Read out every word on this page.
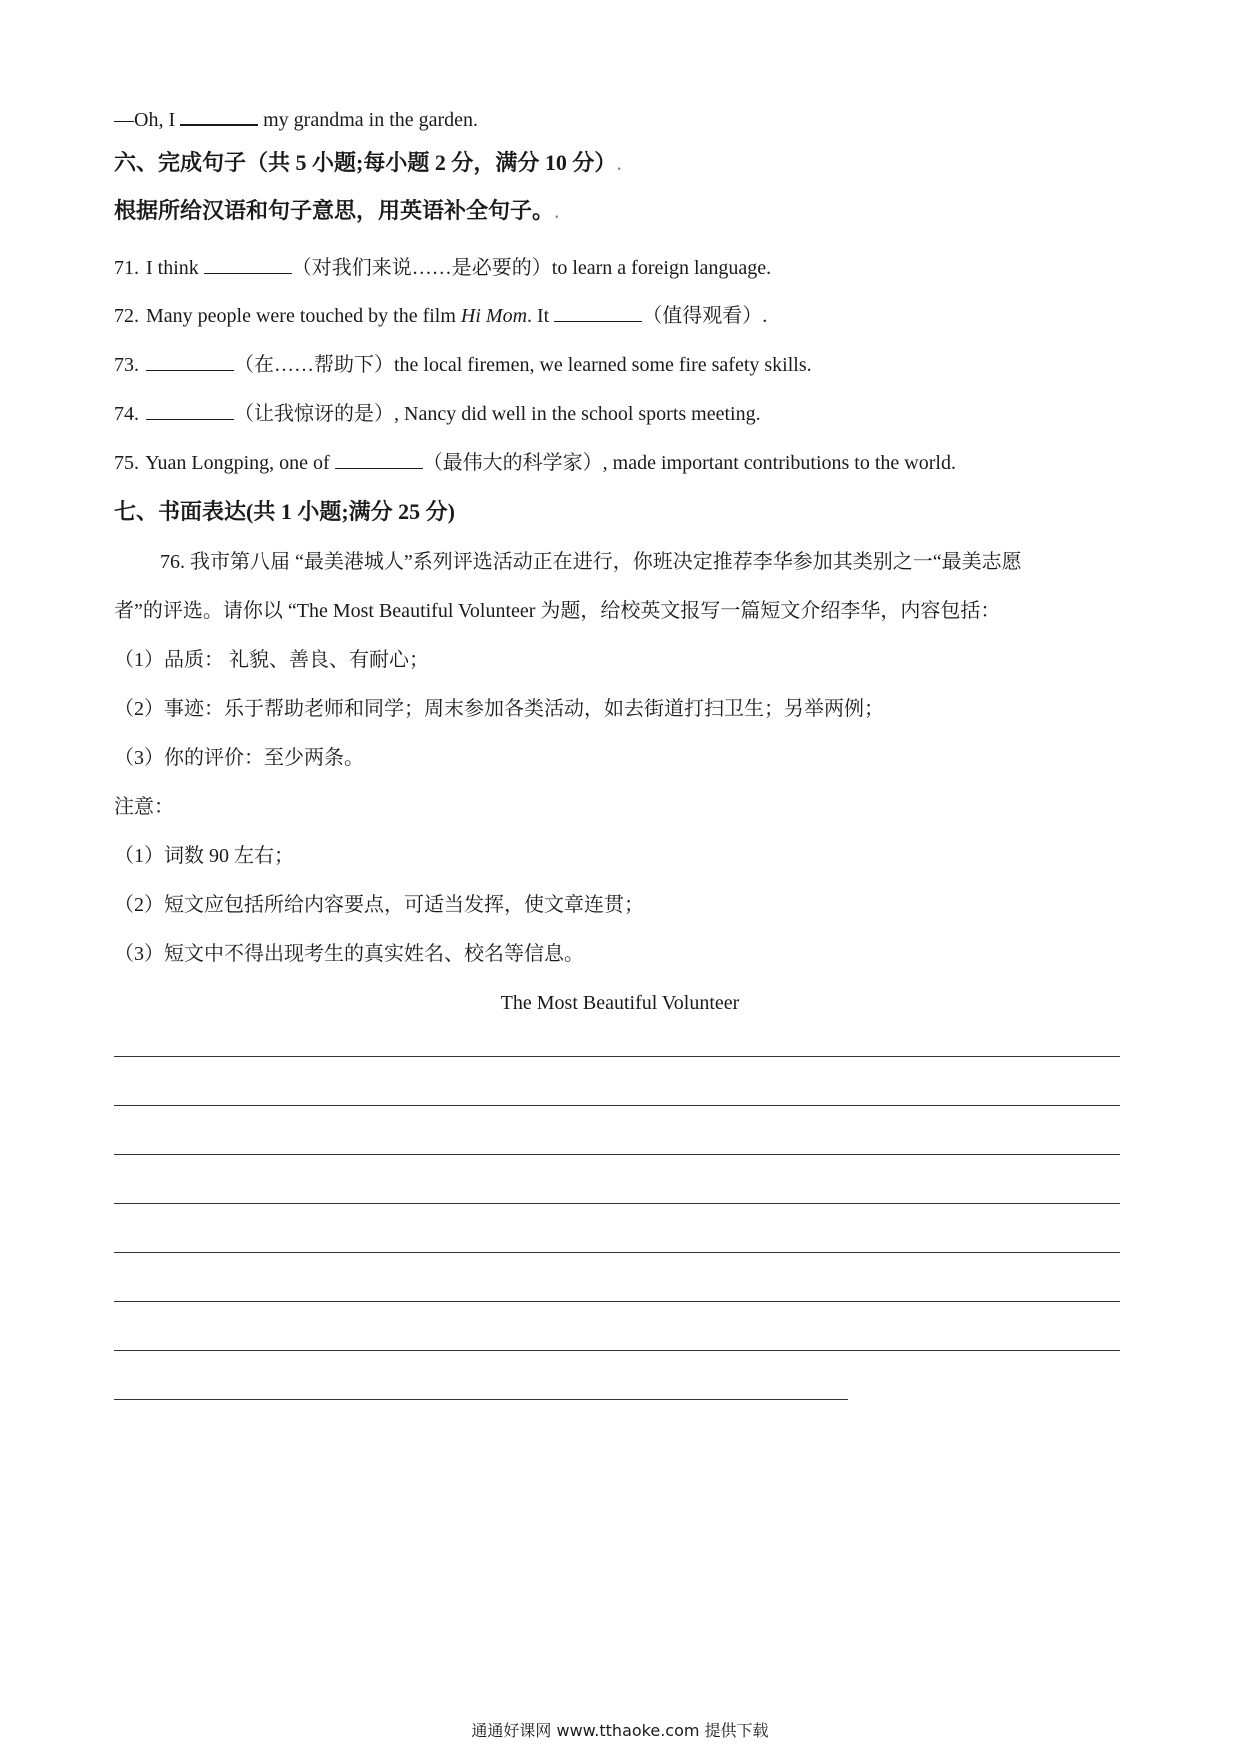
—Oh, I	my grandma in the garden.
六、完成句子（共 5 小题;每小题 2 分，满分 10 分）.
根据所给汉语和句子意思，用英语补全句子。.
71. I think	（对我们来说……是必要的）to learn a foreign language.
72. Many people were touched by the film Hi Mom. It	（值得观看）.
73.	（在……帮助下）the local firemen, we learned some fire safety skills.
74.	（让我惊讶的是）, Nancy did well in the school sports meeting.
75. Yuan Longping, one of	（最伟大的科学家）, made important contributions to the world.
七、书面表达(共 1 小题;满分 25 分)
76. 我市第八届 “最美港城人”系列评选活动正在进行，你班决定推荐李华参加其类别之一“最美志愿
者”的评选。请你以 “The Most Beautiful Volunteer 为题，给校英文报写一篇短文介绍李华，内容包括：
（1）品质： 礼貌、善良、有耐心；
（2）事迹：乐于帮助老师和同学；周末参加各类活动，如去街道打扫卫生；另举两例；
（3）你的评价：至少两条。
注意：
（1）词数 90 左右；
（2）短文应包括所给内容要点，可适当发挥，使文章连贯；
（3）短文中不得出现考生的真实姓名、校名等信息。
The Most Beautiful Volunteer
通通好课网 www.tthaoke.com 提供下载
